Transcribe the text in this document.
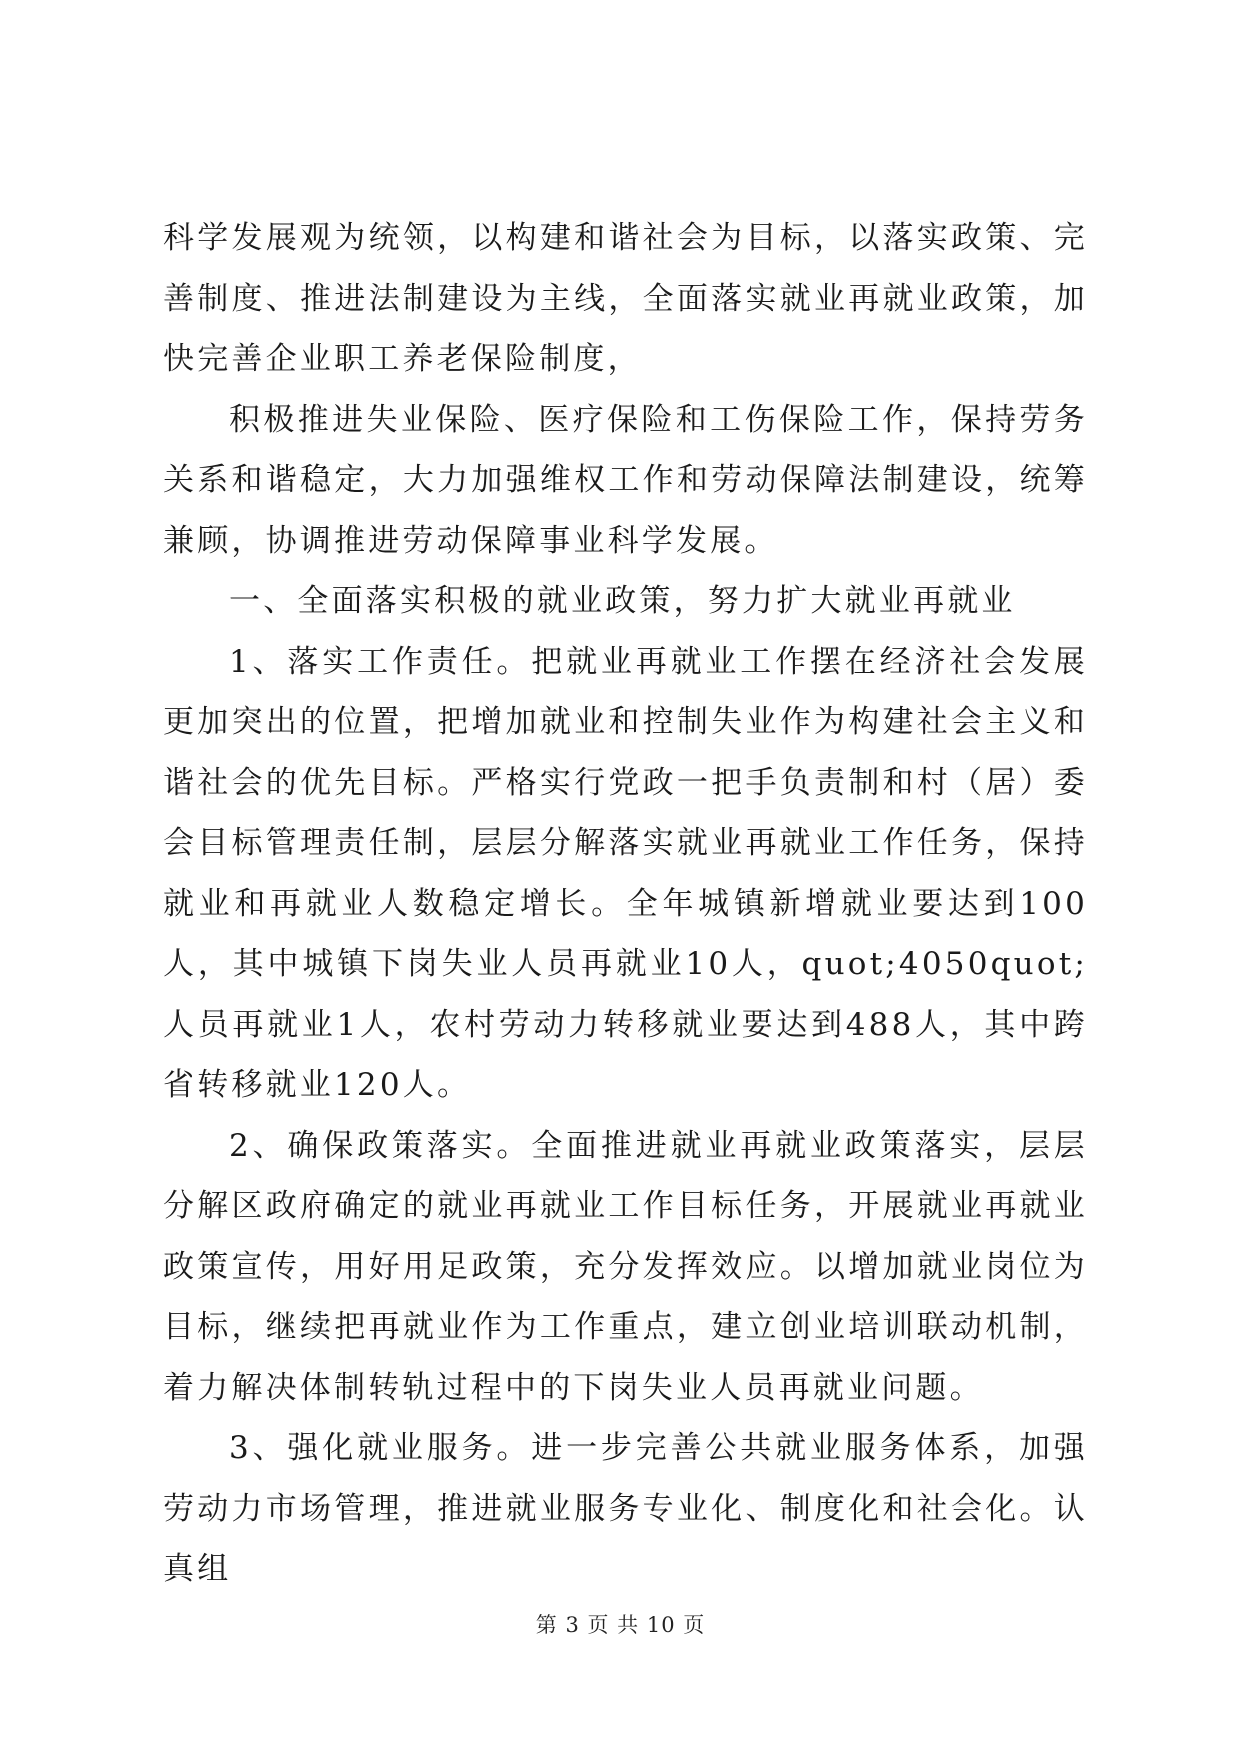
科学发展观为统领，以构建和谐社会为目标，以落实政策、完善制度、推进法制建设为主线，全面落实就业再就业政策，加快完善企业职工养老保险制度，

积极推进失业保险、医疗保险和工伤保险工作，保持劳务关系和谐稳定，大力加强维权工作和劳动保障法制建设，统筹兼顾，协调推进劳动保障事业科学发展。

一、全面落实积极的就业政策，努力扩大就业再就业

1、落实工作责任。把就业再就业工作摆在经济社会发展更加突出的位置，把增加就业和控制失业作为构建社会主义和谐社会的优先目标。严格实行党政一把手负责制和村（居）委会目标管理责任制，层层分解落实就业再就业工作任务，保持就业和再就业人数稳定增长。全年城镇新增就业要达到100人，其中城镇下岗失业人员再就业10人，quot;4050quot;人员再就业1人，农村劳动力转移就业要达到488人，其中跨省转移就业120人。

2、确保政策落实。全面推进就业再就业政策落实，层层分解区政府确定的就业再就业工作目标任务，开展就业再就业政策宣传，用好用足政策，充分发挥效应。以增加就业岗位为目标，继续把再就业作为工作重点，建立创业培训联动机制，着力解决体制转轨过程中的下岗失业人员再就业问题。

3、强化就业服务。进一步完善公共就业服务体系，加强劳动力市场管理，推进就业服务专业化、制度化和社会化。认真组

第 3 页 共 10 页
